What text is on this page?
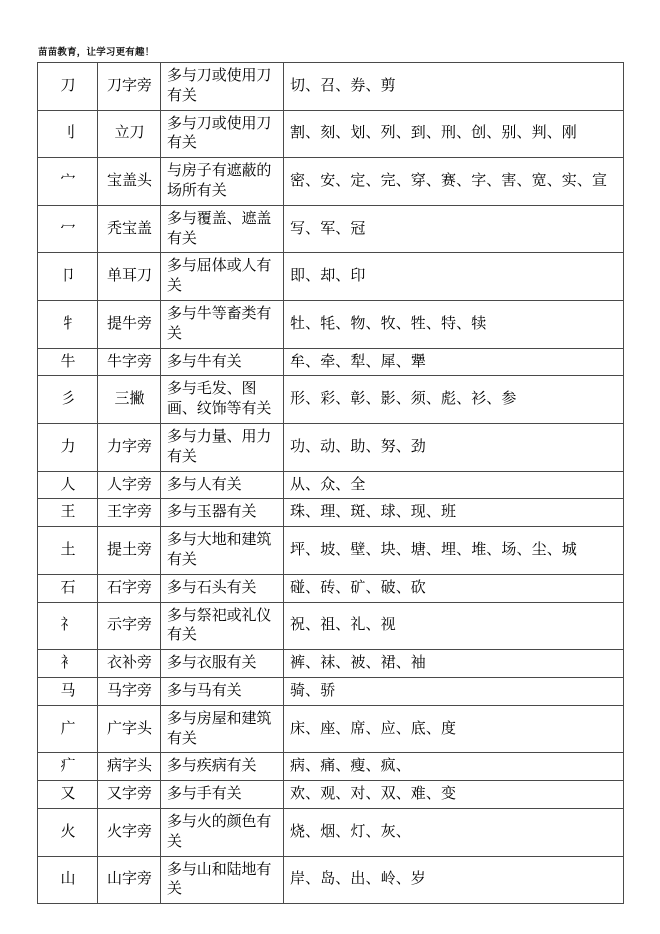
苗苗教育，让学习更有趣！
刀	刀字旁	多与刀或使用刀有关	切、召、券、剪
刂	立刀	多与刀或使用刀有关	割、刻、划、列、到、刑、创、别、判、刚
宀	宝盖头	与房子有遮蔽的场所有关	密、安、定、完、穿、赛、字、害、宽、实、宣
冖	秃宝盖	多与覆盖、遮盖有关	写、军、冠
卩	单耳刀	多与屈体或人有关	即、却、印
牜	提牛旁	多与牛等畜类有关	牡、牦、物、牧、牲、特、犊
牛	牛字旁	多与牛有关	牟、牵、犁、犀、犟
彡	三撇	多与毛发、图画、纹饰等有关	形、彩、彰、影、须、彪、衫、参
力	力字旁	多与力量、用力有关	功、动、助、努、劲
人	人字旁	多与人有关	从、众、全
王	王字旁	多与玉器有关	珠、理、斑、球、现、班
土	提土旁	多与大地和建筑有关	坪、坡、壁、块、塘、埋、堆、场、尘、城
石	石字旁	多与石头有关	碰、砖、矿、破、砍
礻	示字旁	多与祭祀或礼仪有关	祝、祖、礼、视
衤	衣补旁	多与衣服有关	裤、袜、被、裙、袖
马	马字旁	多与马有关	骑、骄
广	广字头	多与房屋和建筑有关	床、座、席、应、底、度
疒	病字头	多与疾病有关	病、痛、瘦、疯、
又	又字旁	多与手有关	欢、观、对、双、难、变
火	火字旁	多与火的颜色有关	烧、烟、灯、灰、
山	山字旁	多与山和陆地有关	岸、岛、出、岭、岁
